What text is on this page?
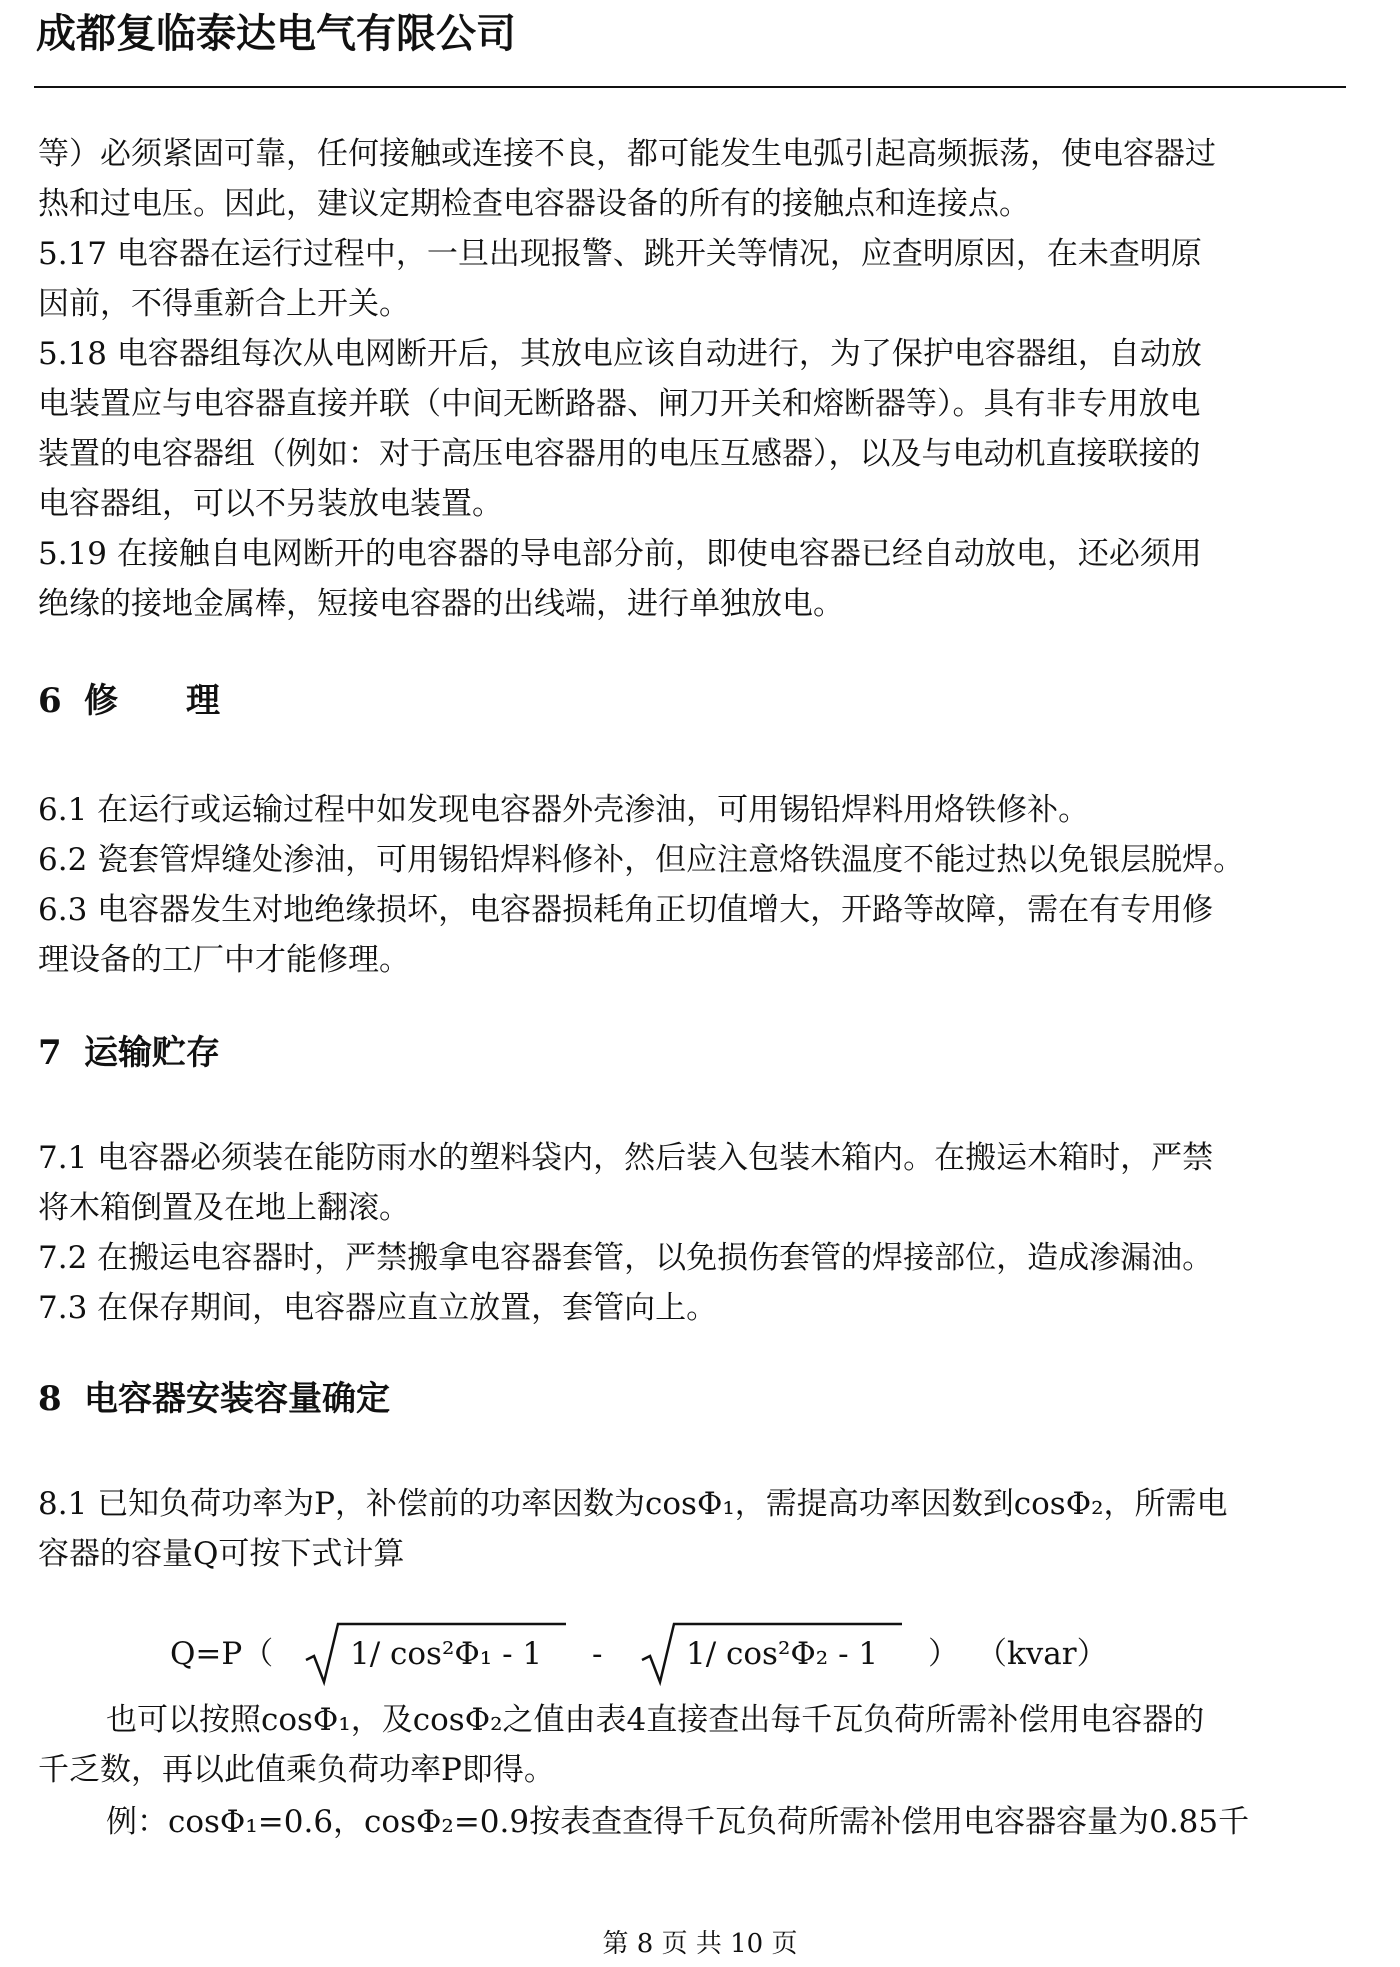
成都复临泰达电气有限公司
等）必须紧固可靠，任何接触或连接不良，都可能发生电弧引起高频振荡，使电容器过
热和过电压。因此，建议定期检查电容器设备的所有的接触点和连接点。
5.17 电容器在运行过程中，一旦出现报警、跳开关等情况，应查明原因，在未查明原
因前，不得重新合上开关。
5.18 电容器组每次从电网断开后，其放电应该自动进行，为了保护电容器组，自动放
电装置应与电容器直接并联（中间无断路器、闸刀开关和熔断器等）。具有非专用放电
装置的电容器组（例如：对于高压电容器用的电压互感器），以及与电动机直接联接的
电容器组，可以不另装放电装置。
5.19 在接触自电网断开的电容器的导电部分前，即使电容器已经自动放电，还必须用
绝缘的接地金属棒，短接电容器的出线端，进行单独放电。
6 修 理
6.1 在运行或运输过程中如发现电容器外壳渗油，可用锡铅焊料用烙铁修补。
6.2 瓷套管焊缝处渗油，可用锡铅焊料修补，但应注意烙铁温度不能过热以免银层脱焊。
6.3 电容器发生对地绝缘损坏，电容器损耗角正切值增大，开路等故障，需在有专用修
理设备的工厂中才能修理。
7 运输贮存
7.1 电容器必须装在能防雨水的塑料袋内，然后装入包装木箱内。在搬运木箱时，严禁
将木箱倒置及在地上翻滚。
7.2 在搬运电容器时，严禁搬拿电容器套管，以免损伤套管的焊接部位，造成渗漏油。
7.3 在保存期间，电容器应直立放置，套管向上。
8 电容器安装容量确定
8.1 已知负荷功率为P，补偿前的功率因数为cosΦ₁，需提高功率因数到cosΦ₂，所需电
容器的容量Q可按下式计算
Q=P（ 1/ cos²Φ₁ - 1 -	1/ cos²Φ₂ - 1 ） （kvar）
也可以按照cosΦ₁，及cosΦ₂之值由表4直接查出每千瓦负荷所需补偿用电容器的
千乏数，再以此值乘负荷功率P即得。
例：cosΦ₁=0.6，cosΦ₂=0.9按表查查得千瓦负荷所需补偿用电容器容量为0.85千
第 8 页 共 10 页
